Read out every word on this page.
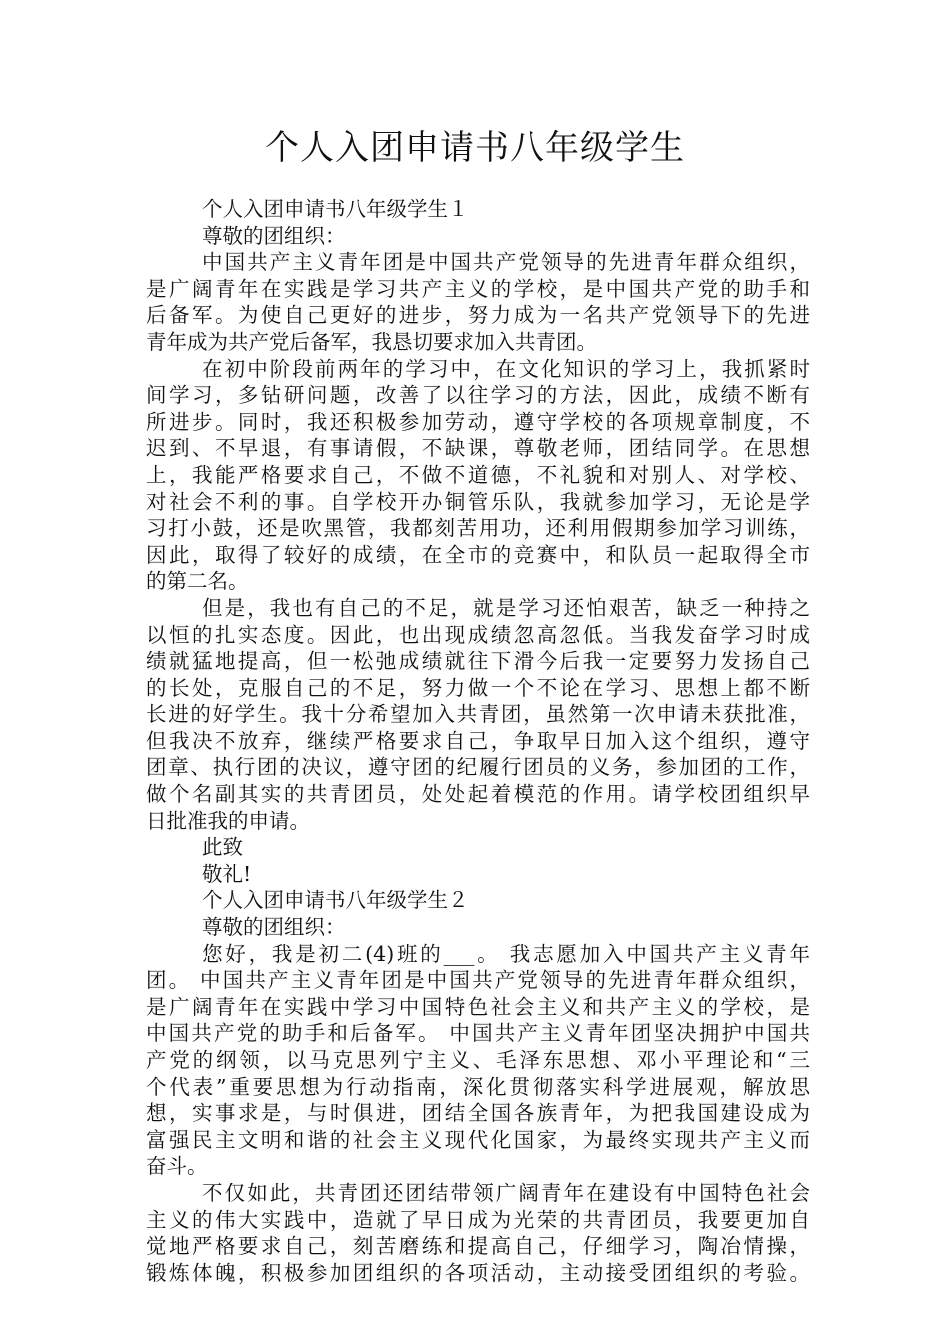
个人入团申请书八年级学生
个人入团申请书八年级学生１
尊敬的团组织：
中国共产主义青年团是中国共产党领导的先进青年群众组织，
是广阔青年在实践是学习共产主义的学校，是中国共产党的助手和
后备军。为使自己更好的进步，努力成为一名共产党领导下的先进
青年成为共产党后备军，我恳切要求加入共青团。
在初中阶段前两年的学习中，在文化知识的学习上，我抓紧时
间学习，多钻研问题，改善了以往学习的方法，因此，成绩不断有
所进步。同时，我还积极参加劳动，遵守学校的各项规章制度，不
迟到、不早退，有事请假，不缺课，尊敬老师，团结同学。在思想
上，我能严格要求自己，不做不道德，不礼貌和对别人、对学校、
对社会不利的事。自学校开办铜管乐队，我就参加学习，无论是学
习打小鼓，还是吹黑管，我都刻苦用功，还利用假期参加学习训练，
因此，取得了较好的成绩，在全市的竞赛中，和队员一起取得全市
的第二名。
但是，我也有自己的不足，就是学习还怕艰苦，缺乏一种持之
以恒的扎实态度。因此，也出现成绩忽高忽低。当我发奋学习时成
绩就猛地提高，但一松弛成绩就往下滑今后我一定要努力发扬自己
的长处，克服自己的不足，努力做一个不论在学习、思想上都不断
长进的好学生。我十分希望加入共青团，虽然第一次申请未获批准，
但我决不放弃，继续严格要求自己，争取早日加入这个组织，遵守
团章、执行团的决议，遵守团的纪履行团员的义务，参加团的工作，
做个名副其实的共青团员，处处起着模范的作用。请学校团组织早
日批准我的申请。
此致
敬礼!
个人入团申请书八年级学生２
尊敬的团组织：
您好，我是初二(4)班的___。 我志愿加入中国共产主义青年
团。 中国共产主义青年团是中国共产党领导的先进青年群众组织，
是广阔青年在实践中学习中国特色社会主义和共产主义的学校，是
中国共产党的助手和后备军。 中国共产主义青年团坚决拥护中国共
产党的纲领，以马克思列宁主义、毛泽东思想、邓小平理论和“三
个代表”重要思想为行动指南，深化贯彻落实科学进展观，解放思
想，实事求是，与时俱进，团结全国各族青年，为把我国建设成为
富强民主文明和谐的社会主义现代化国家，为最终实现共产主义而
奋斗。
不仅如此，共青团还团结带领广阔青年在建设有中国特色社会
主义的伟大实践中，造就了早日成为光荣的共青团员，我要更加自
觉地严格要求自己，刻苦磨练和提高自己，仔细学习，陶冶情操，
锻炼体魄，积极参加团组织的各项活动，主动接受团组织的考验。
